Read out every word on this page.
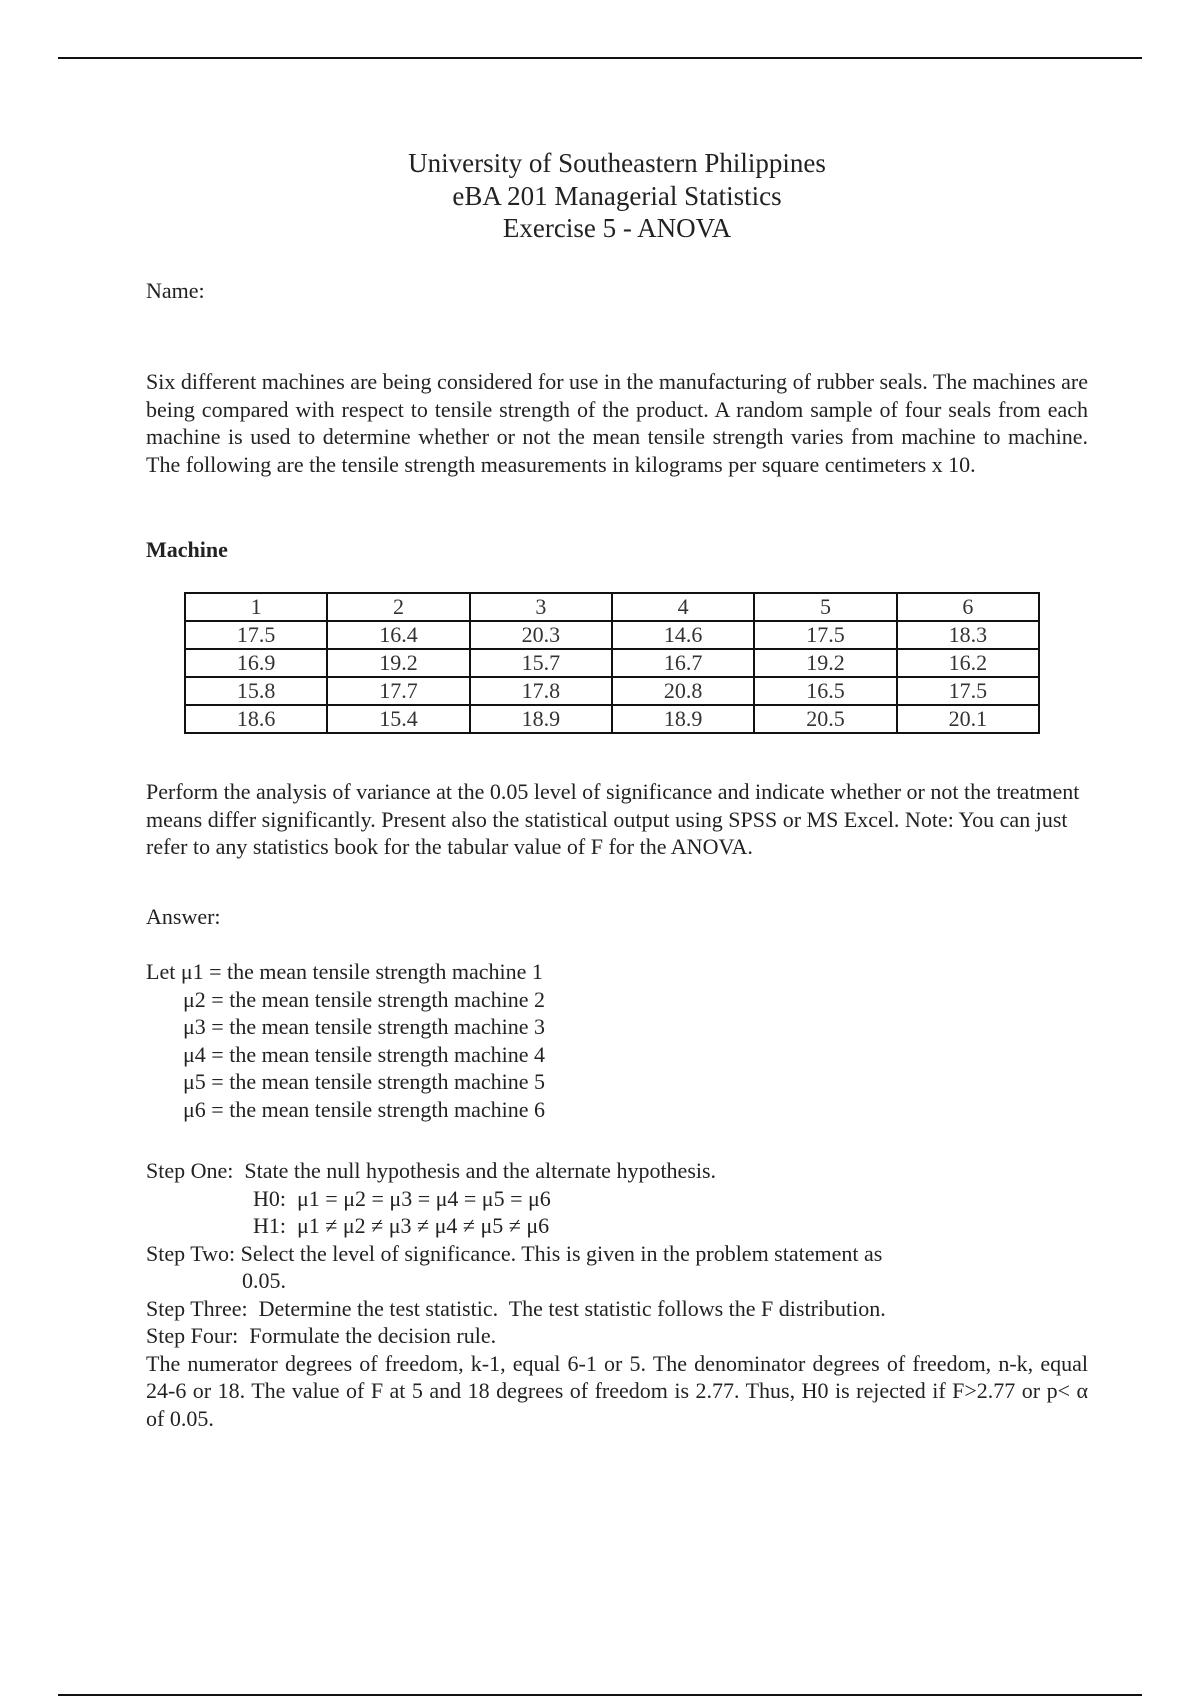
University of Southeastern Philippines
eBA 201 Managerial Statistics
Exercise 5 - ANOVA
Name:
Six different machines are being considered for use in the manufacturing of rubber seals. The machines are being compared with respect to tensile strength of the product. A random sample of four seals from each machine is used to determine whether or not the mean tensile strength varies from machine to machine. The following are the tensile strength measurements in kilograms per square centimeters x 10.
Machine
1	2	3	4	5	6
17.5	16.4	20.3	14.6	17.5	18.3
16.9	19.2	15.7	16.7	19.2	16.2
15.8	17.7	17.8	20.8	16.5	17.5
18.6	15.4	18.9	18.9	20.5	20.1
Perform the analysis of variance at the 0.05 level of significance and indicate whether or not the treatment means differ significantly. Present also the statistical output using SPSS or MS Excel. Note: You can just refer to any statistics book for the tabular value of F for the ANOVA.
Answer:
Let μ1 = the mean tensile strength machine 1
μ2 = the mean tensile strength machine 2
μ3 = the mean tensile strength machine 3
μ4 = the mean tensile strength machine 4
μ5 = the mean tensile strength machine 5
μ6 = the mean tensile strength machine 6
Step One:  State the null hypothesis and the alternate hypothesis.
H0:  μ1 = μ2 = μ3 = μ4 = μ5 = μ6
H1:  μ1 ≠ μ2 ≠ μ3 ≠ μ4 ≠ μ5 ≠ μ6
Step Two: Select the level of significance. This is given in the problem statement as
0.05.
Step Three:  Determine the test statistic.  The test statistic follows the F distribution.
Step Four:  Formulate the decision rule.
The numerator degrees of freedom, k-1, equal 6-1 or 5. The denominator degrees of freedom, n-k, equal 24-6 or 18. The value of F at 5 and 18 degrees of freedom is 2.77. Thus, H0 is rejected if F>2.77 or p< α of 0.05.
